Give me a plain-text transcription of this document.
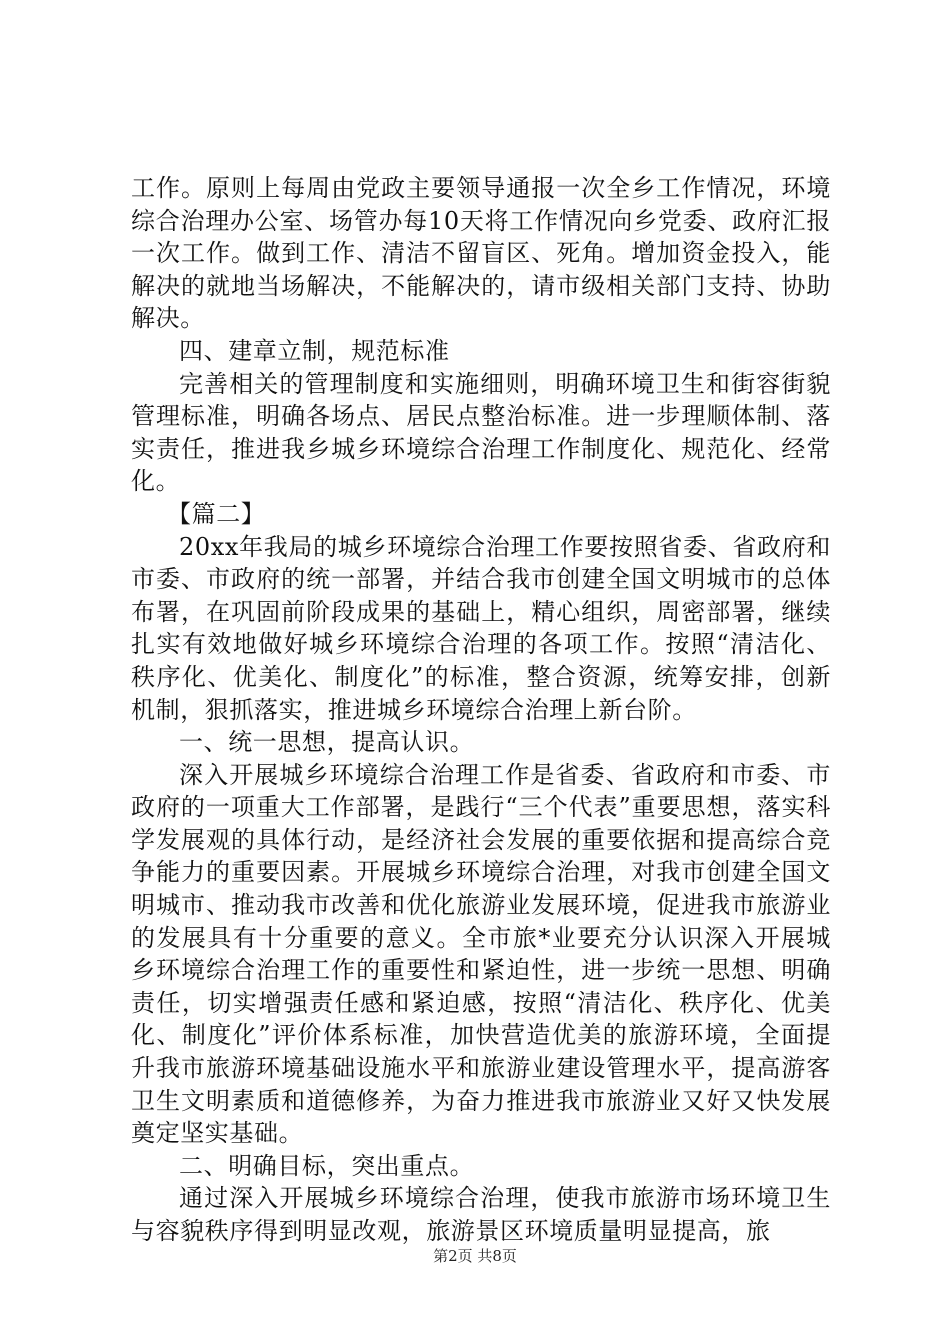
工作。原则上每周由党政主要领导通报一次全乡工作情况，环境综合治理办公室、场管办每10天将工作情况向乡党委、政府汇报一次工作。做到工作、清洁不留盲区、死角。增加资金投入，能解决的就地当场解决，不能解决的，请市级相关部门支持、协助解决。

四、建章立制，规范标准

完善相关的管理制度和实施细则，明确环境卫生和街容街貌管理标准，明确各场点、居民点整治标准。进一步理顺体制、落实责任，推进我乡城乡环境综合治理工作制度化、规范化、经常化。

【篇二】

20xx年我局的城乡环境综合治理工作要按照省委、省政府和市委、市政府的统一部署，并结合我市创建全国文明城市的总体布署，在巩固前阶段成果的基础上，精心组织，周密部署，继续扎实有效地做好城乡环境综合治理的各项工作。按照“清洁化、秩序化、优美化、制度化”的标准，整合资源，统筹安排，创新机制，狠抓落实，推进城乡环境综合治理上新台阶。

一、统一思想，提高认识。

深入开展城乡环境综合治理工作是省委、省政府和市委、市政府的一项重大工作部署，是践行“三个代表”重要思想，落实科学发展观的具体行动，是经济社会发展的重要依据和提高综合竞争能力的重要因素。开展城乡环境综合治理，对我市创建全国文明城市、推动我市改善和优化旅游业发展环境，促进我市旅游业的发展具有十分重要的意义。全市旅*业要充分认识深入开展城乡环境综合治理工作的重要性和紧迫性，进一步统一思想、明确责任，切实增强责任感和紧迫感，按照“清洁化、秩序化、优美化、制度化”评价体系标准，加快营造优美的旅游环境，全面提升我市旅游环境基础设施水平和旅游业建设管理水平，提高游客卫生文明素质和道德修养，为奋力推进我市旅游业又好又快发展奠定坚实基础。

二、明确目标，突出重点。

通过深入开展城乡环境综合治理，使我市旅游市场环境卫生与容貌秩序得到明显改观，旅游景区环境质量明显提高，旅

第2页 共8页
